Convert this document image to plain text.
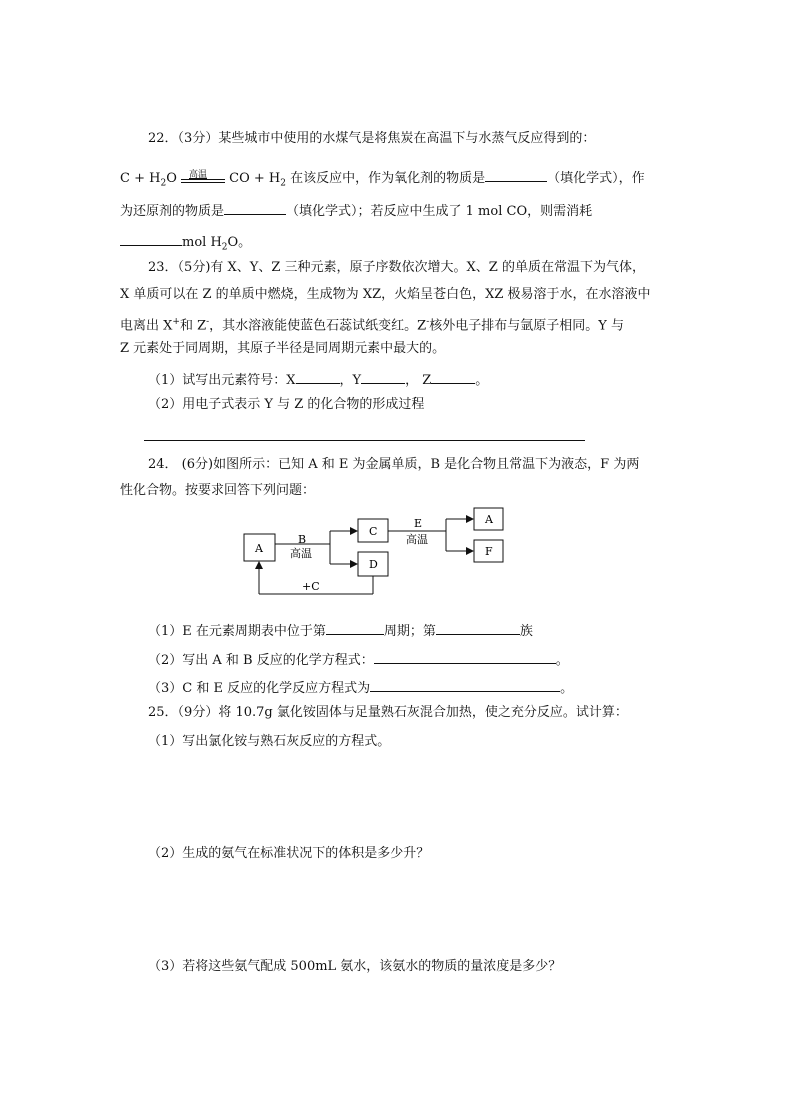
22．（3分）某些城市中使用的水煤气是将焦炭在高温下与水蒸气反应得到的：
$C + H_2O$ 高温 CO + $H_2$ 在该反应中，作为氧化剂的物质是	（填化学式），作
为还原剂的物质是	（填化学式）；若反应中生成了 1 mol CO，则需消耗
mol $H_2O$。
23．（5分)有 X、Y、Z 三种元素，原子序数依次增大。X、Z 的单质在常温下为气体，
X 单质可以在 Z 的单质中燃烧，生成物为 XZ，火焰呈苍白色，XZ 极易溶于水，在水溶液中
电离出 X+和 Z-，其水溶液能使蓝色石蕊试纸变红。Z-核外电子排布与氩原子相同。Y 与
Z 元素处于同周期，其原子半径是同周期元素中最大的。
（1）试写出元素符号：X	，Y	， Z	。
（2）用电子式表示 Y 与 Z 的化合物的形成过程
24． (6分)如图所示：已知 A 和 E 为金属单质，B 是化合物且常温下为液态，F 为两
性化合物。按要求回答下列问题：
A
C
D
A
F
B
高温
E
高温
+C
（1）E 在元素周期表中位于第	周期；第	族
（2）写出 A 和 B 反应的化学方程式：	。
（3）C 和 E 反应的化学反应方程式为	。
25．（9分）将 10.7g 氯化铵固体与足量熟石灰混合加热，使之充分反应。试计算：
（1）写出氯化铵与熟石灰反应的方程式。
（2）生成的氨气在标准状况下的体积是多少升？
（3）若将这些氨气配成 500mL 氨水，该氨水的物质的量浓度是多少？
